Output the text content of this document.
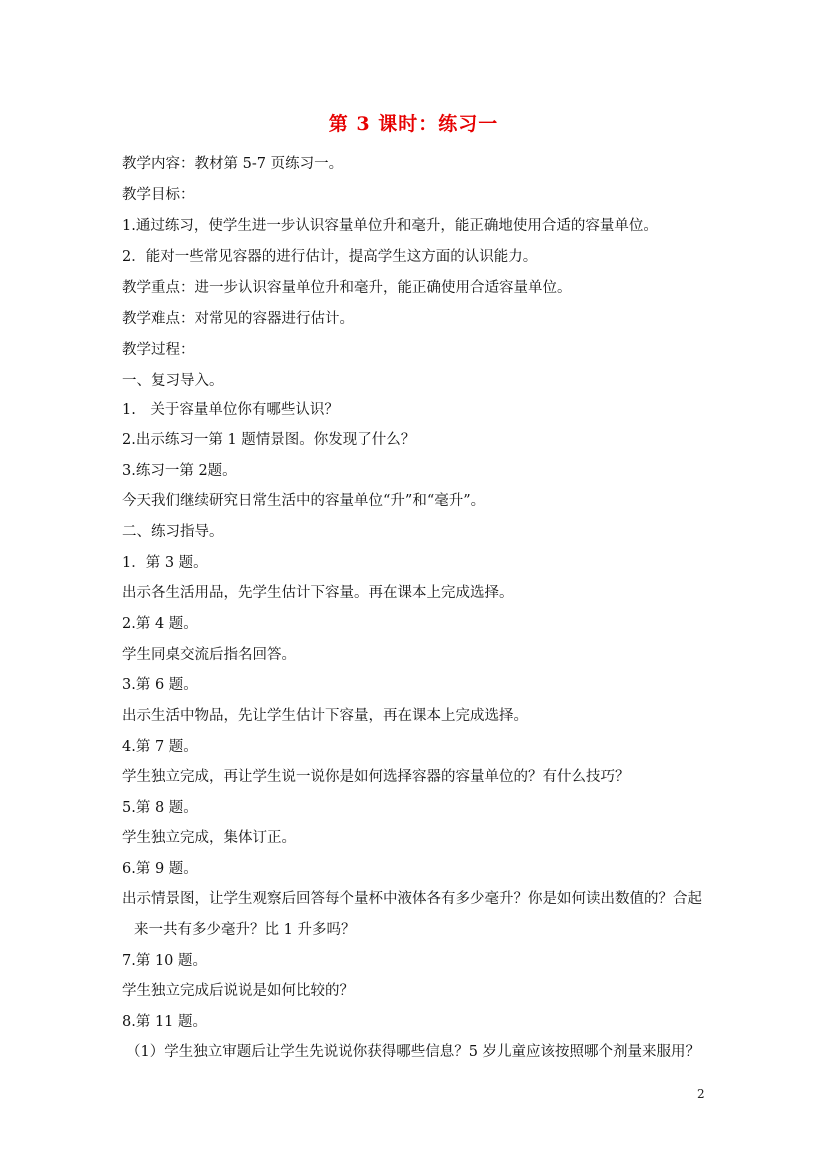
第 3 课时：练习一
教学内容：教材第 5-7 页练习一。
教学目标：
1.通过练习，使学生进一步认识容量单位升和毫升，能正确地使用合适的容量单位。
2．能对一些常见容器的进行估计，提高学生这方面的认识能力。
教学重点：进一步认识容量单位升和毫升，能正确使用合适容量单位。
教学难点：对常见的容器进行估计。
教学过程：
一、复习导入。
1.　关于容量单位你有哪些认识？
2.出示练习一第 1 题情景图。你发现了什么？
3.练习一第 2题。
今天我们继续研究日常生活中的容量单位“升”和“毫升”。
二、练习指导。
1．第 3 题。
出示各生活用品，先学生估计下容量。再在课本上完成选择。
2.第 4 题。
学生同桌交流后指名回答。
3.第 6 题。
出示生活中物品，先让学生估计下容量，再在课本上完成选择。
4.第 7 题。
学生独立完成，再让学生说一说你是如何选择容器的容量单位的？有什么技巧？
5.第 8 题。
学生独立完成，集体订正。
6.第 9 题。
出示情景图，让学生观察后回答每个量杯中液体各有多少毫升？你是如何读出数值的？合起
来一共有多少毫升？比 1 升多吗？
7.第 10 题。
学生独立完成后说说是如何比较的？
8.第 11 题。
（1）学生独立审题后让学生先说说你获得哪些信息？5 岁儿童应该按照哪个剂量来服用？
2
